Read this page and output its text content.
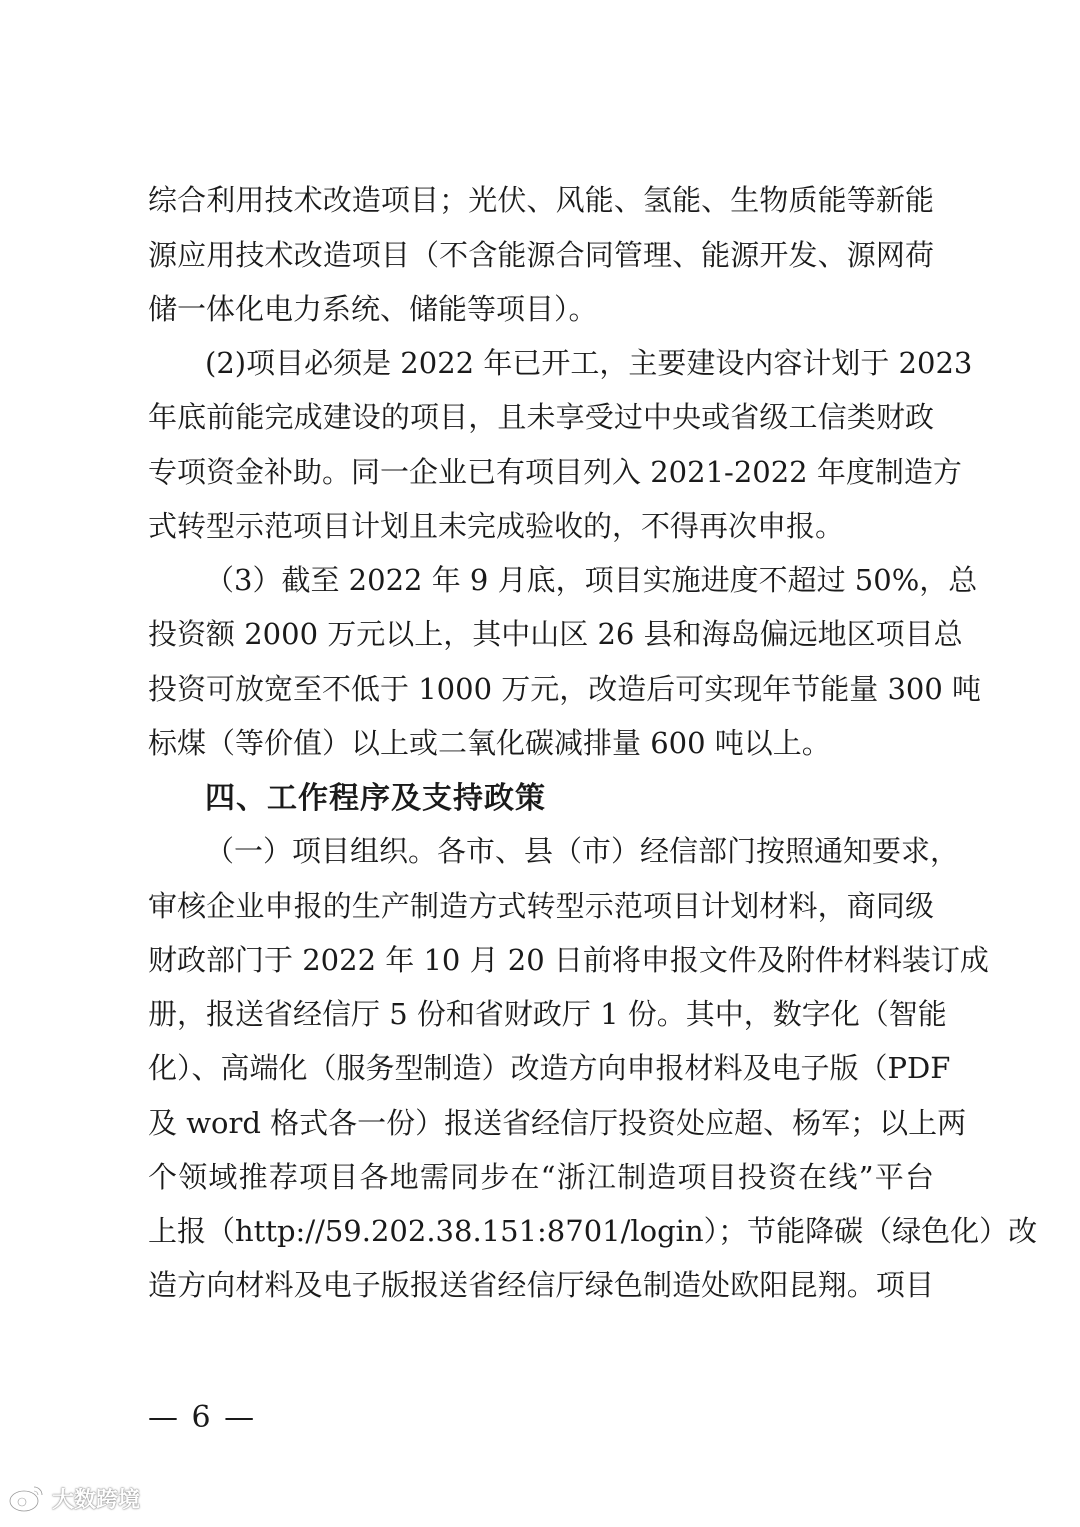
综合利用技术改造项目；光伏、风能、氢能、生物质能等新能
源应用技术改造项目（不含能源合同管理、能源开发、源网荷
储一体化电力系统、储能等项目）。
(2)项目必须是 2022 年已开工，主要建设内容计划于 2023
年底前能完成建设的项目，且未享受过中央或省级工信类财政
专项资金补助。同一企业已有项目列入 2021-2022 年度制造方
式转型示范项目计划且未完成验收的，不得再次申报。
（3）截至 2022 年 9 月底，项目实施进度不超过 50%，总
投资额 2000 万元以上，其中山区 26 县和海岛偏远地区项目总
投资可放宽至不低于 1000 万元，改造后可实现年节能量 300 吨
标煤（等价值）以上或二氧化碳减排量 600 吨以上。
四、工作程序及支持政策
（一）项目组织。各市、县（市）经信部门按照通知要求，
审核企业申报的生产制造方式转型示范项目计划材料，商同级
财政部门于 2022 年 10 月 20 日前将申报文件及附件材料装订成
册，报送省经信厅 5 份和省财政厅 1 份。其中，数字化（智能
化）、高端化（服务型制造）改造方向申报材料及电子版（PDF
及 word 格式各一份）报送省经信厅投资处应超、杨军；以上两
个领域推荐项目各地需同步在“浙江制造项目投资在线”平台
上报（http://59.202.38.151:8701/login）；节能降碳（绿色化）改
造方向材料及电子版报送省经信厅绿色制造处欧阳昆翔。项目
— 6 —
大数跨境
